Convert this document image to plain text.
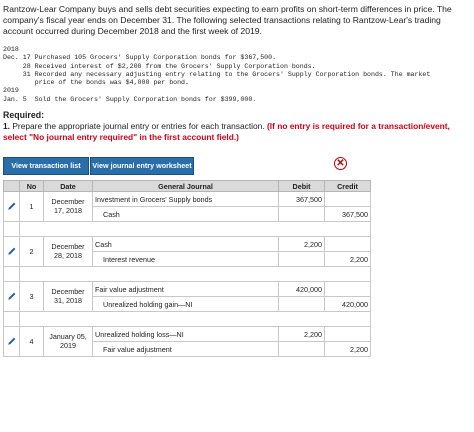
Rantzow-Lear Company buys and sells debt securities expecting to earn profits on short-term differences in price. The company's fiscal year ends on December 31. The following selected transactions relating to Rantzow-Lear's trading account occurred during December 2018 and the first week of 2019.
2018
Dec. 17 Purchased 105 Grocers' Supply Corporation bonds for $367,500.
28 Received interest of $2,200 from the Grocers' Supply Corporation bonds.
31 Recorded any necessary adjusting entry relating to the Grocers' Supply Corporation bonds. The market
price of the bonds was $4,000 per bond.
2019
Jan. 5  Sold the Grocers' Supply Corporation bonds for $399,000.
Required:
1. Prepare the appropriate journal entry or entries for each transaction. (If no entry is required for a transaction/event, select "No journal entry required" in the first account field.)
View transaction list	View journal entry worksheet	✕
	No	Date	General Journal	Debit	Credit
	1	December 17, 2018	Investment in Grocers' Supply bonds	367,500	
			Cash		367,500

	2	December 28, 2018	Cash	2,200	
			Interest revenue		2,200

	3	December 31, 2018	Fair value adjustment	420,000	
			Unrealized holding gain—NI		420,000

	4	January 05, 2019	Unrealized holding loss—NI	2,200	
			Fair value adjustment		2,200
